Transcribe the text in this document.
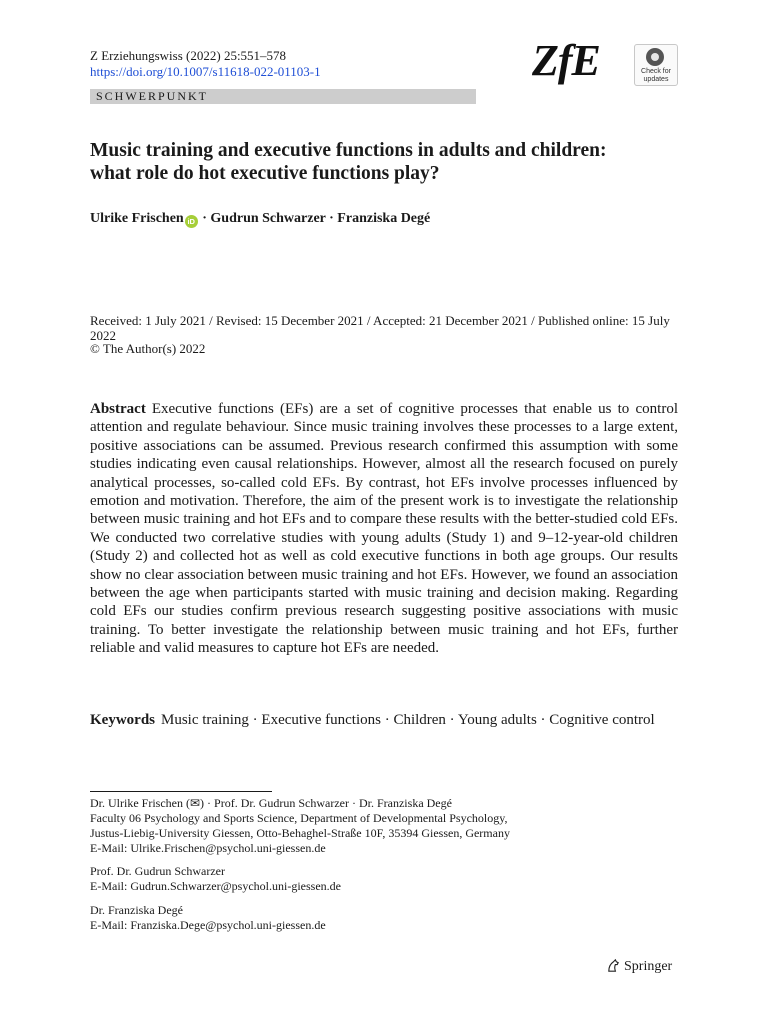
Z Erziehungswiss (2022) 25:551–578
https://doi.org/10.1007/s11618-022-01103-1	ZfE	Check for
updates
SCHWERPUNKT
Music training and executive functions in adults and children: what role do hot executive functions play?
Ulrike Frischen iD · Gudrun Schwarzer · Franziska Degé
Received: 1 July 2021 / Revised: 15 December 2021 / Accepted: 21 December 2021 / Published online: 15 July 2022
© The Author(s) 2022
Abstract Executive functions (EFs) are a set of cognitive processes that enable us to control attention and regulate behaviour. Since music training involves these processes to a large extent, positive associations can be assumed. Previous research confirmed this assumption with some studies indicating even causal relationships. However, almost all the research focused on purely analytical processes, so-called cold EFs. By contrast, hot EFs involve processes influenced by emotion and motivation. Therefore, the aim of the present work is to investigate the relationship between music training and hot EFs and to compare these results with the better-studied cold EFs. We conducted two correlative studies with young adults (Study 1) and 9–12-year-old children (Study 2) and collected hot as well as cold executive functions in both age groups. Our results show no clear association between music training and hot EFs. However, we found an association between the age when participants started with music training and decision making. Regarding cold EFs our studies confirm previous research suggesting positive associations with music training. To better investigate the relationship between music training and hot EFs, further reliable and valid measures to capture hot EFs are needed.
Keywords Music training · Executive functions · Children · Young adults · Cognitive control
Dr. Ulrike Frischen (✉) · Prof. Dr. Gudrun Schwarzer · Dr. Franziska Degé
Faculty 06 Psychology and Sports Science, Department of Developmental Psychology,
Justus-Liebig-University Giessen, Otto-Behaghel-Straße 10F, 35394 Giessen, Germany
E-Mail: Ulrike.Frischen@psychol.uni-giessen.de
Prof. Dr. Gudrun Schwarzer
E-Mail: Gudrun.Schwarzer@psychol.uni-giessen.de
Dr. Franziska Degé
E-Mail: Franziska.Dege@psychol.uni-giessen.de
Springer
